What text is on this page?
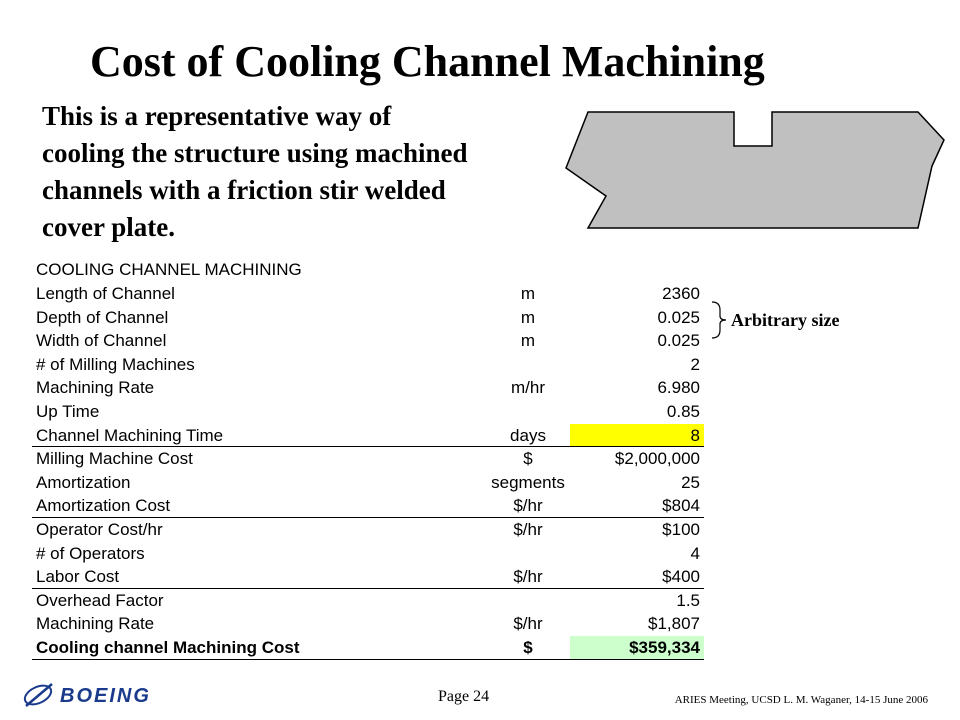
Cost of Cooling Channel Machining
This is a representative way of
cooling the structure using machined
channels with a friction stir welded
cover plate.
COOLING CHANNEL MACHINING
Length of Channel	m	2360
Depth of Channel	m	0.025
Width of Channel	m	0.025
# of Milling Machines	2
Machining Rate	m/hr	6.980
Up Time	0.85
Channel Machining Time	days	8
Milling Machine Cost	$	$2,000,000
Amortization	segments	25
Amortization Cost	$/hr	$804
Operator Cost/hr	$/hr	$100
# of Operators	4
Labor Cost	$/hr	$400
Overhead Factor	1.5
Machining Rate	$/hr	$1,807
Cooling channel Machining Cost	$	$359,334
Arbitrary size
BOEING	Page 24	ARIES Meeting, UCSD L. M. Waganer, 14-15 June 2006
